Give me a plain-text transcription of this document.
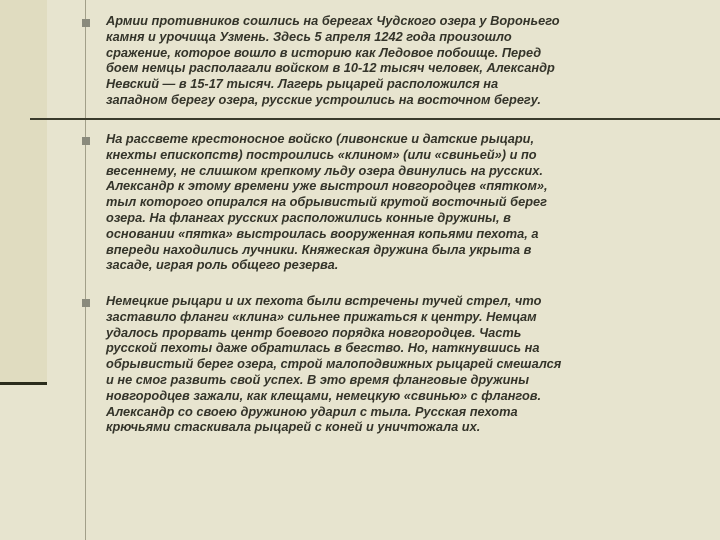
Армии противников сошлись на берегах Чудского озера у Вороньего
камня и урочища Узмень. Здесь 5 апреля 1242 года произошло
сражение, которое вошло в историю как Ледовое побоище. Перед
боем немцы располагали войском в 10-12 тысяч человек, Александр
Невский — в 15-17 тысяч. Лагерь рыцарей расположился на
западном берегу озера, русские устроились на восточном берегу.

На рассвете крестоносное войско (ливонские и датские рыцари,
кнехты епископств) построились «клином» (или «свиньей») и по
весеннему, не слишком крепкому льду озера двинулись на русских.
Александр к этому времени уже выстроил новгородцев «пятком»,
тыл которого опирался на обрывистый крутой восточный берег
озера. На флангах русских расположились конные дружины, в
основании «пятка» выстроилась вооруженная копьями пехота, а
впереди находились лучники. Княжеская дружина была укрыта в
засаде, играя роль общего резерва.

Немецкие рыцари и их пехота были встречены тучей стрел, что
заставило фланги «клина» сильнее прижаться к центру. Немцам
удалось прорвать центр боевого порядка новгородцев. Часть
русской пехоты даже обратилась в бегство. Но, наткнувшись на
обрывистый берег озера, строй малоподвижных рыцарей смешался
и не смог развить свой успех. В это время фланговые дружины
новгородцев зажали, как клещами, немецкую «свинью» с флангов.
Александр со своею дружиною ударил с тыла. Русская пехота
крючьями стаскивала рыцарей с коней и уничтожала их.
